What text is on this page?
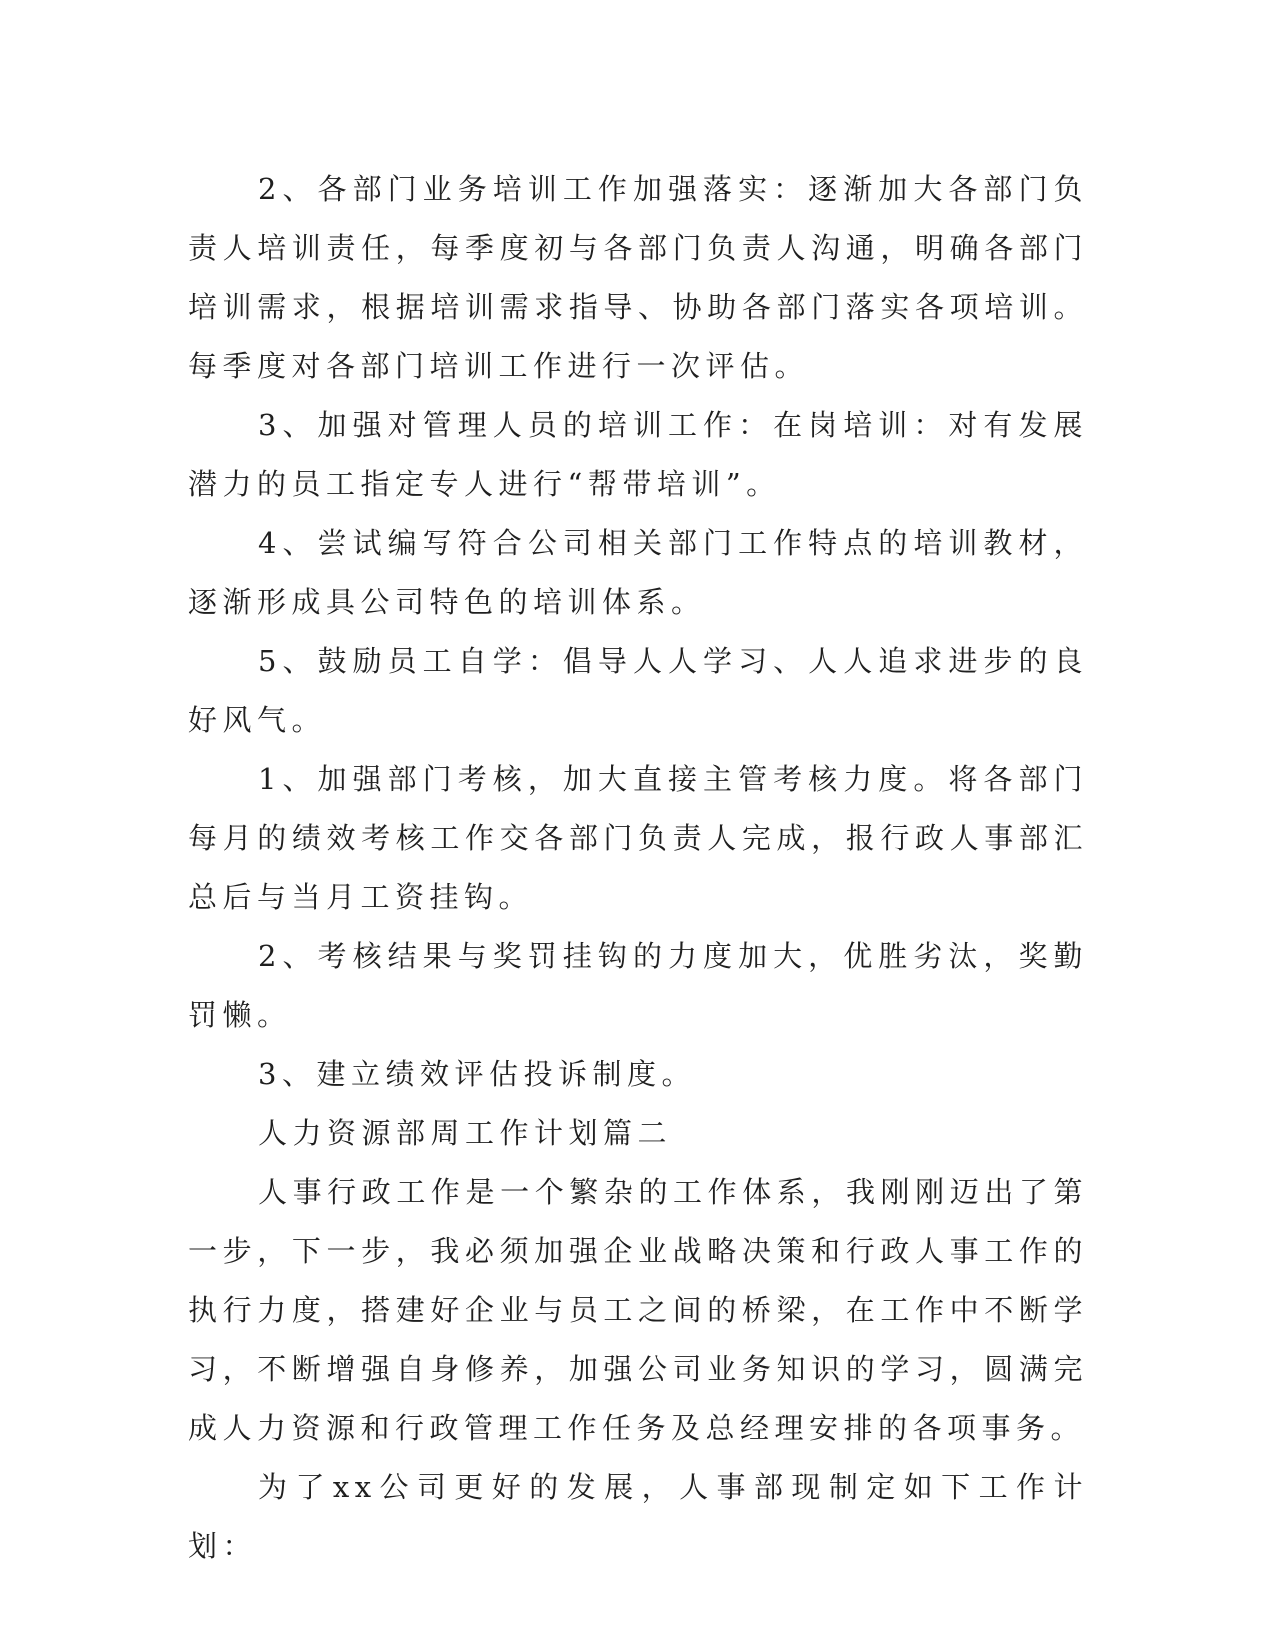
2、各部门业务培训工作加强落实：逐渐加大各部门负责人培训责任，每季度初与各部门负责人沟通，明确各部门培训需求，根据培训需求指导、协助各部门落实各项培训。每季度对各部门培训工作进行一次评估。

3、加强对管理人员的培训工作：在岗培训：对有发展潜力的员工指定专人进行“帮带培训”。

4、尝试编写符合公司相关部门工作特点的培训教材，逐渐形成具公司特色的培训体系。

5、鼓励员工自学：倡导人人学习、人人追求进步的良好风气。

1、加强部门考核，加大直接主管考核力度。将各部门每月的绩效考核工作交各部门负责人完成，报行政人事部汇总后与当月工资挂钩。

2、考核结果与奖罚挂钩的力度加大，优胜劣汰，奖勤罚懒。

3、建立绩效评估投诉制度。

人力资源部周工作计划篇二

人事行政工作是一个繁杂的工作体系，我刚刚迈出了第一步，下一步，我必须加强企业战略决策和行政人事工作的执行力度，搭建好企业与员工之间的桥梁，在工作中不断学习，不断增强自身修养，加强公司业务知识的学习，圆满完成人力资源和行政管理工作任务及总经理安排的各项事务。

为了xx公司更好的发展，人事部现制定如下工作计划：
